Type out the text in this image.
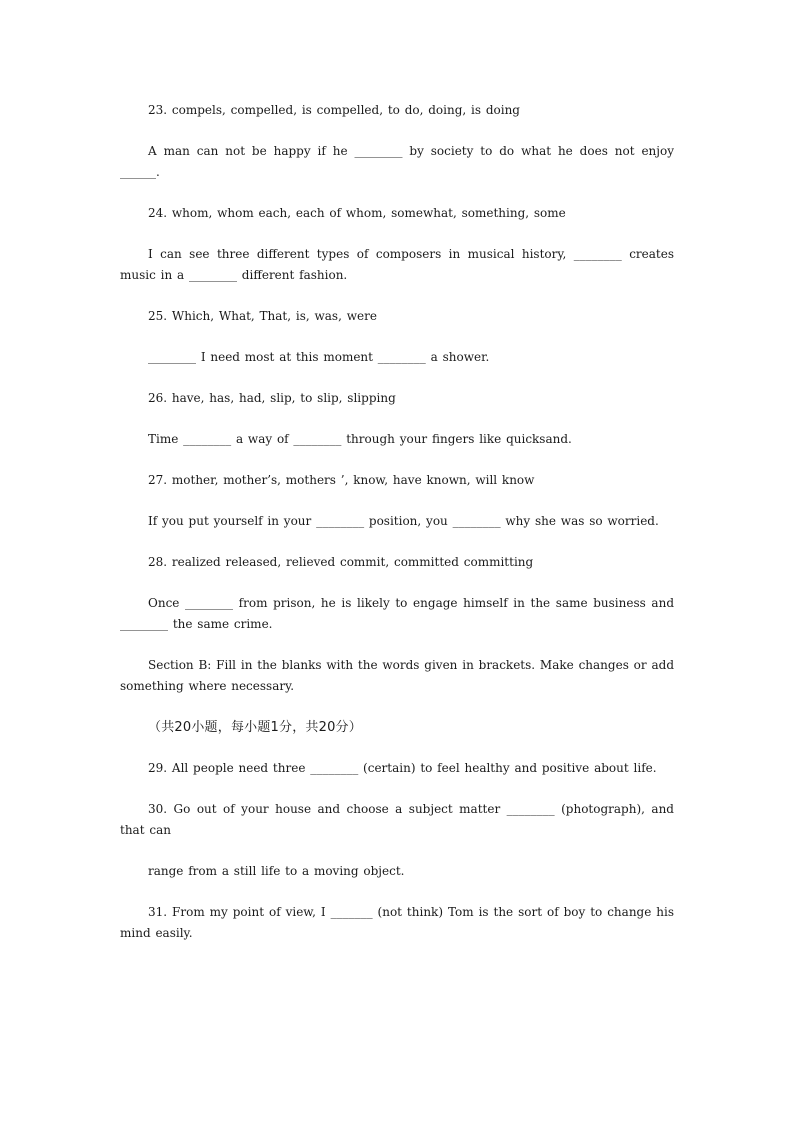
23. compels, compelled, is compelled, to do, doing, is doing

A man can not be happy if he ________ by society to do what he does not enjoy ______.

24. whom, whom each, each of whom, somewhat, something, some

I can see three different types of composers in musical history, ________ creates music in a ________ different fashion.

25. Which, What, That, is, was, were

________ I need most at this moment ________ a shower.

26. have, has, had, slip, to slip, slipping

Time ________ a way of ________ through your fingers like quicksand.

27. mother, mother’s, mothers ’, know, have known, will know

If you put yourself in your ________ position, you ________ why she was so worried.

28. realized released, relieved commit, committed committing

Once ________ from prison, he is likely to engage himself in the same business and ________ the same crime.

Section B: Fill in the blanks with the words given in brackets. Make changes or add something where necessary.

（共20小题，每小题1分，共20分）

29. All people need three ________ (certain) to feel healthy and positive about life.

30. Go out of your house and choose a subject matter ________ (photograph), and that can

range from a still life to a moving object.

31. From my point of view, I _______ (not think) Tom is the sort of boy to change his mind easily.
